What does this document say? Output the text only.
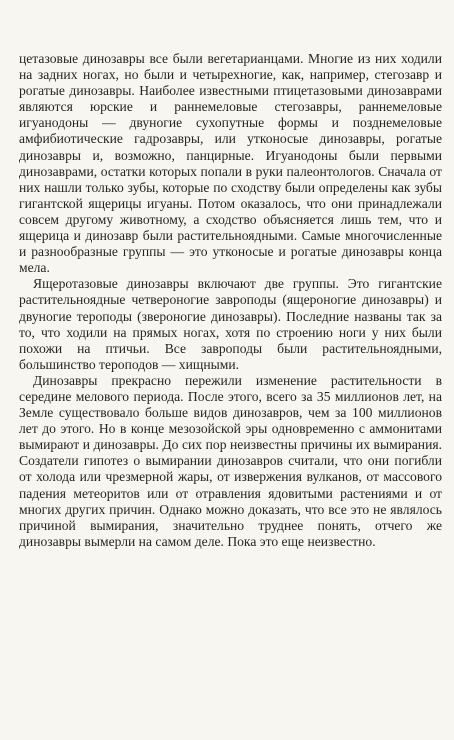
цетазовые динозавры все были вегетарианцами. Многие из них ходили на задних ногах, но были и четырехногие, как, например, стегозавр и рогатые динозавры. Наиболее известными птицетазовыми динозаврами являются юрские и раннемеловые стегозавры, раннемеловые игуанодоны — двуногие сухопутные формы и позднемеловые амфибиотические гадрозавры, или утконосые динозавры, рогатые динозавры и, возможно, панцирные. Игуанодоны были первыми динозаврами, остатки которых попали в руки палеонтологов. Сначала от них нашли только зубы, которые по сходству были определены как зубы гигантской ящерицы игуаны. Потом оказалось, что они принадлежали совсем другому животному, а сходство объясняется лишь тем, что и ящерица и динозавр были растительноядными. Самые многочисленные и разнообразные группы — это утконосые и рогатые динозавры конца мела.

Ящеротазовые динозавры включают две группы. Это гигантские растительноядные четвероногие завроподы (ящероногие динозавры) и двуногие тероподы (звероногие динозавры). Последние названы так за то, что ходили на прямых ногах, хотя по строению ноги у них были похожи на птичьи. Все завроподы были растительноядными, большинство тероподов — хищными.

Динозавры прекрасно пережили изменение растительности в середине мелового периода. После этого, всего за 35 миллионов лет, на Земле существовало больше видов динозавров, чем за 100 миллионов лет до этого. Но в конце мезозойской эры одновременно с аммонитами вымирают и динозавры. До сих пор неизвестны причины их вымирания. Создатели гипотез о вымирании динозавров считали, что они погибли от холода или чрезмерной жары, от извержения вулканов, от массового падения метеоритов или от отравления ядовитыми растениями и от многих других причин. Однако можно доказать, что все это не являлось причиной вымирания, значительно труднее понять, отчего же динозавры вымерли на самом деле. Пока это еще неизвестно.
